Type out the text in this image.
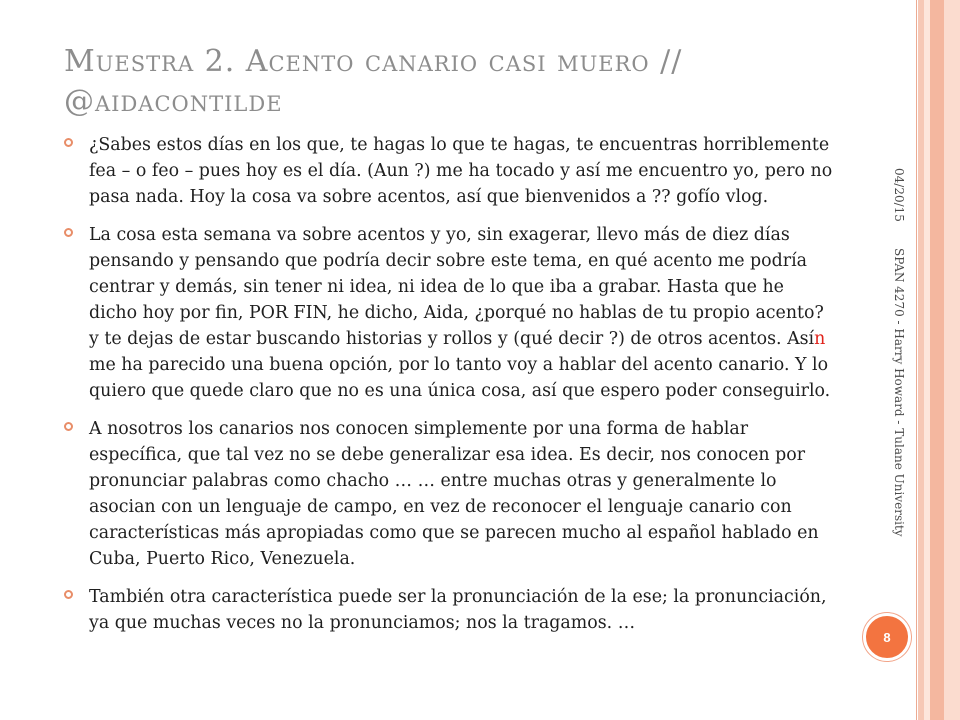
Muestra 2. Acento canario casi muero //
@aidacontilde
¿Sabes estos días en los que, te hagas lo que te hagas, te encuentras horriblemente fea – o feo – pues hoy es el día. (Aun ?) me ha tocado y así me encuentro yo, pero no pasa nada. Hoy la cosa va sobre acentos, así que bienvenidos a ?? gofío vlog.
La cosa esta semana va sobre acentos y yo, sin exagerar, llevo más de diez días pensando y pensando que podría decir sobre este tema, en qué acento me podría centrar y demás, sin tener ni idea, ni idea de lo que iba a grabar. Hasta que he dicho hoy por fin, POR FIN, he dicho, Aida, ¿porqué no hablas de tu propio acento? y te dejas de estar buscando historias y rollos y (qué decir ?) de otros acentos. Asín me ha parecido una buena opción, por lo tanto voy a hablar del acento canario. Y lo quiero que quede claro que no es una única cosa, así que espero poder conseguirlo.
A nosotros los canarios nos conocen simplemente por una forma de hablar específica, que tal vez no se debe generalizar esa idea. Es decir, nos conocen por pronunciar palabras como chacho … … entre muchas otras y generalmente lo asocian con un lenguaje de campo, en vez de reconocer el lenguaje canario con características más apropiadas como que se parecen mucho al español hablado en Cuba, Puerto Rico, Venezuela.
También otra característica puede ser la pronunciación de la ese; la pronunciación, ya que muchas veces no la pronunciamos; nos la tragamos. …
04/20/15
SPAN 4270 - Harry Howard - Tulane University
8
